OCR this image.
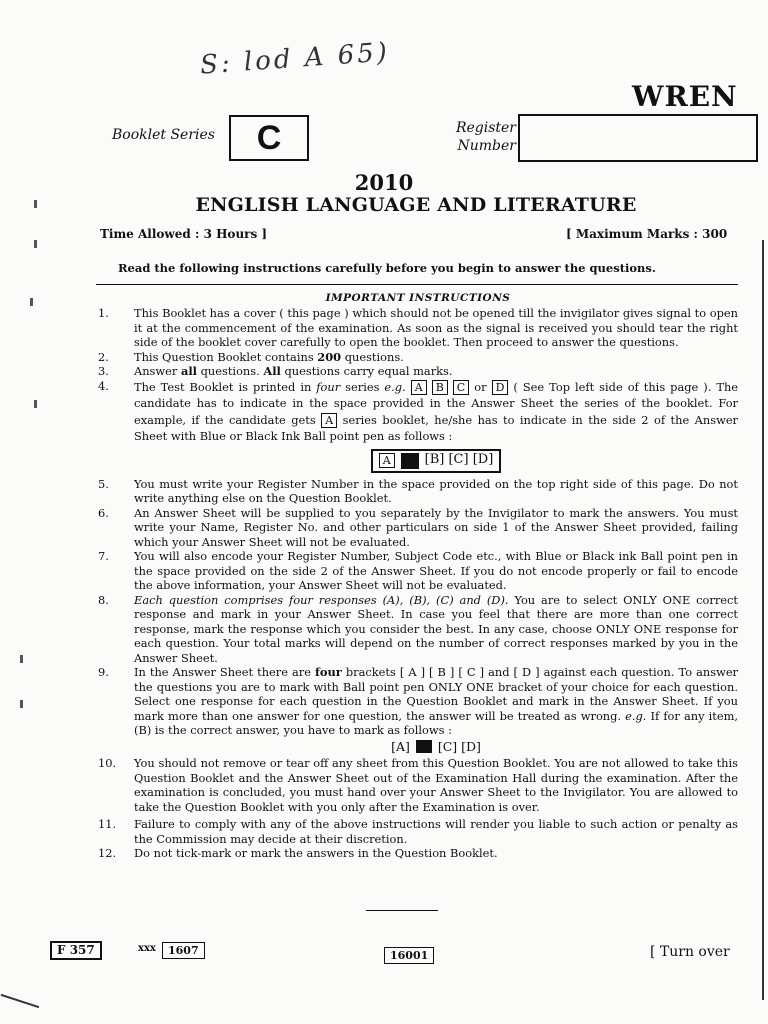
S: lod A 65)
WREN
Booklet Series	C	Register
Number
2010
ENGLISH LANGUAGE AND LITERATURE
Time Allowed : 3 Hours ]	[ Maximum Marks : 300
Read the following instructions carefully before you begin to answer the questions.
IMPORTANT INSTRUCTIONS
1.	This Booklet has a cover ( this page ) which should not be opened till the invigilator gives signal to open it at the commencement of the examination. As soon as the signal is received you should tear the right side of the booklet cover carefully to open the booklet. Then proceed to answer the questions.
2.	This Question Booklet contains 200 questions.
3.	Answer all questions. All questions carry equal marks.
4.	The Test Booklet is printed in four series e.g. A B C or D ( See Top left side of this page ). The candidate has to indicate in the space provided in the Answer Sheet the series of the booklet. For example, if the candidate gets A series booklet, he/she has to indicate in the side 2 of the Answer Sheet with Blue or Black Ink Ball point pen as follows :
A	[B] [C] [D]
5.	You must write your Register Number in the space provided on the top right side of this page. Do not write anything else on the Question Booklet.
6.	An Answer Sheet will be supplied to you separately by the Invigilator to mark the answers. You must write your Name, Register No. and other particulars on side 1 of the Answer Sheet provided, failing which your Answer Sheet will not be evaluated.
7.	You will also encode your Register Number, Subject Code etc., with Blue or Black ink Ball point pen in the space provided on the side 2 of the Answer Sheet. If you do not encode properly or fail to encode the above information, your Answer Sheet will not be evaluated.
8.	Each question comprises four responses (A), (B), (C) and (D). You are to select ONLY ONE correct response and mark in your Answer Sheet. In case you feel that there are more than one correct response, mark the response which you consider the best. In any case, choose ONLY ONE response for each question. Your total marks will depend on the number of correct responses marked by you in the Answer Sheet.
9.	In the Answer Sheet there are four brackets [ A ] [ B ] [ C ] and [ D ] against each question. To answer the questions you are to mark with Ball point pen ONLY ONE bracket of your choice for each question. Select one response for each question in the Question Booklet and mark in the Answer Sheet. If you mark more than one answer for one question, the answer will be treated as wrong. e.g. If for any item, (B) is the correct answer, you have to mark as follows :
[A] [C] [D]
10.	You should not remove or tear off any sheet from this Question Booklet. You are not allowed to take this Question Booklet and the Answer Sheet out of the Examination Hall during the examination. After the examination is concluded, you must hand over your Answer Sheet to the Invigilator. You are allowed to take the Question Booklet with you only after the Examination is over.
11.	Failure to comply with any of the above instructions will render you liable to such action or penalty as the Commission may decide at their discretion.
12.	Do not tick-mark or mark the answers in the Question Booklet.
F 357	xxx	1607	16001	[ Turn over
